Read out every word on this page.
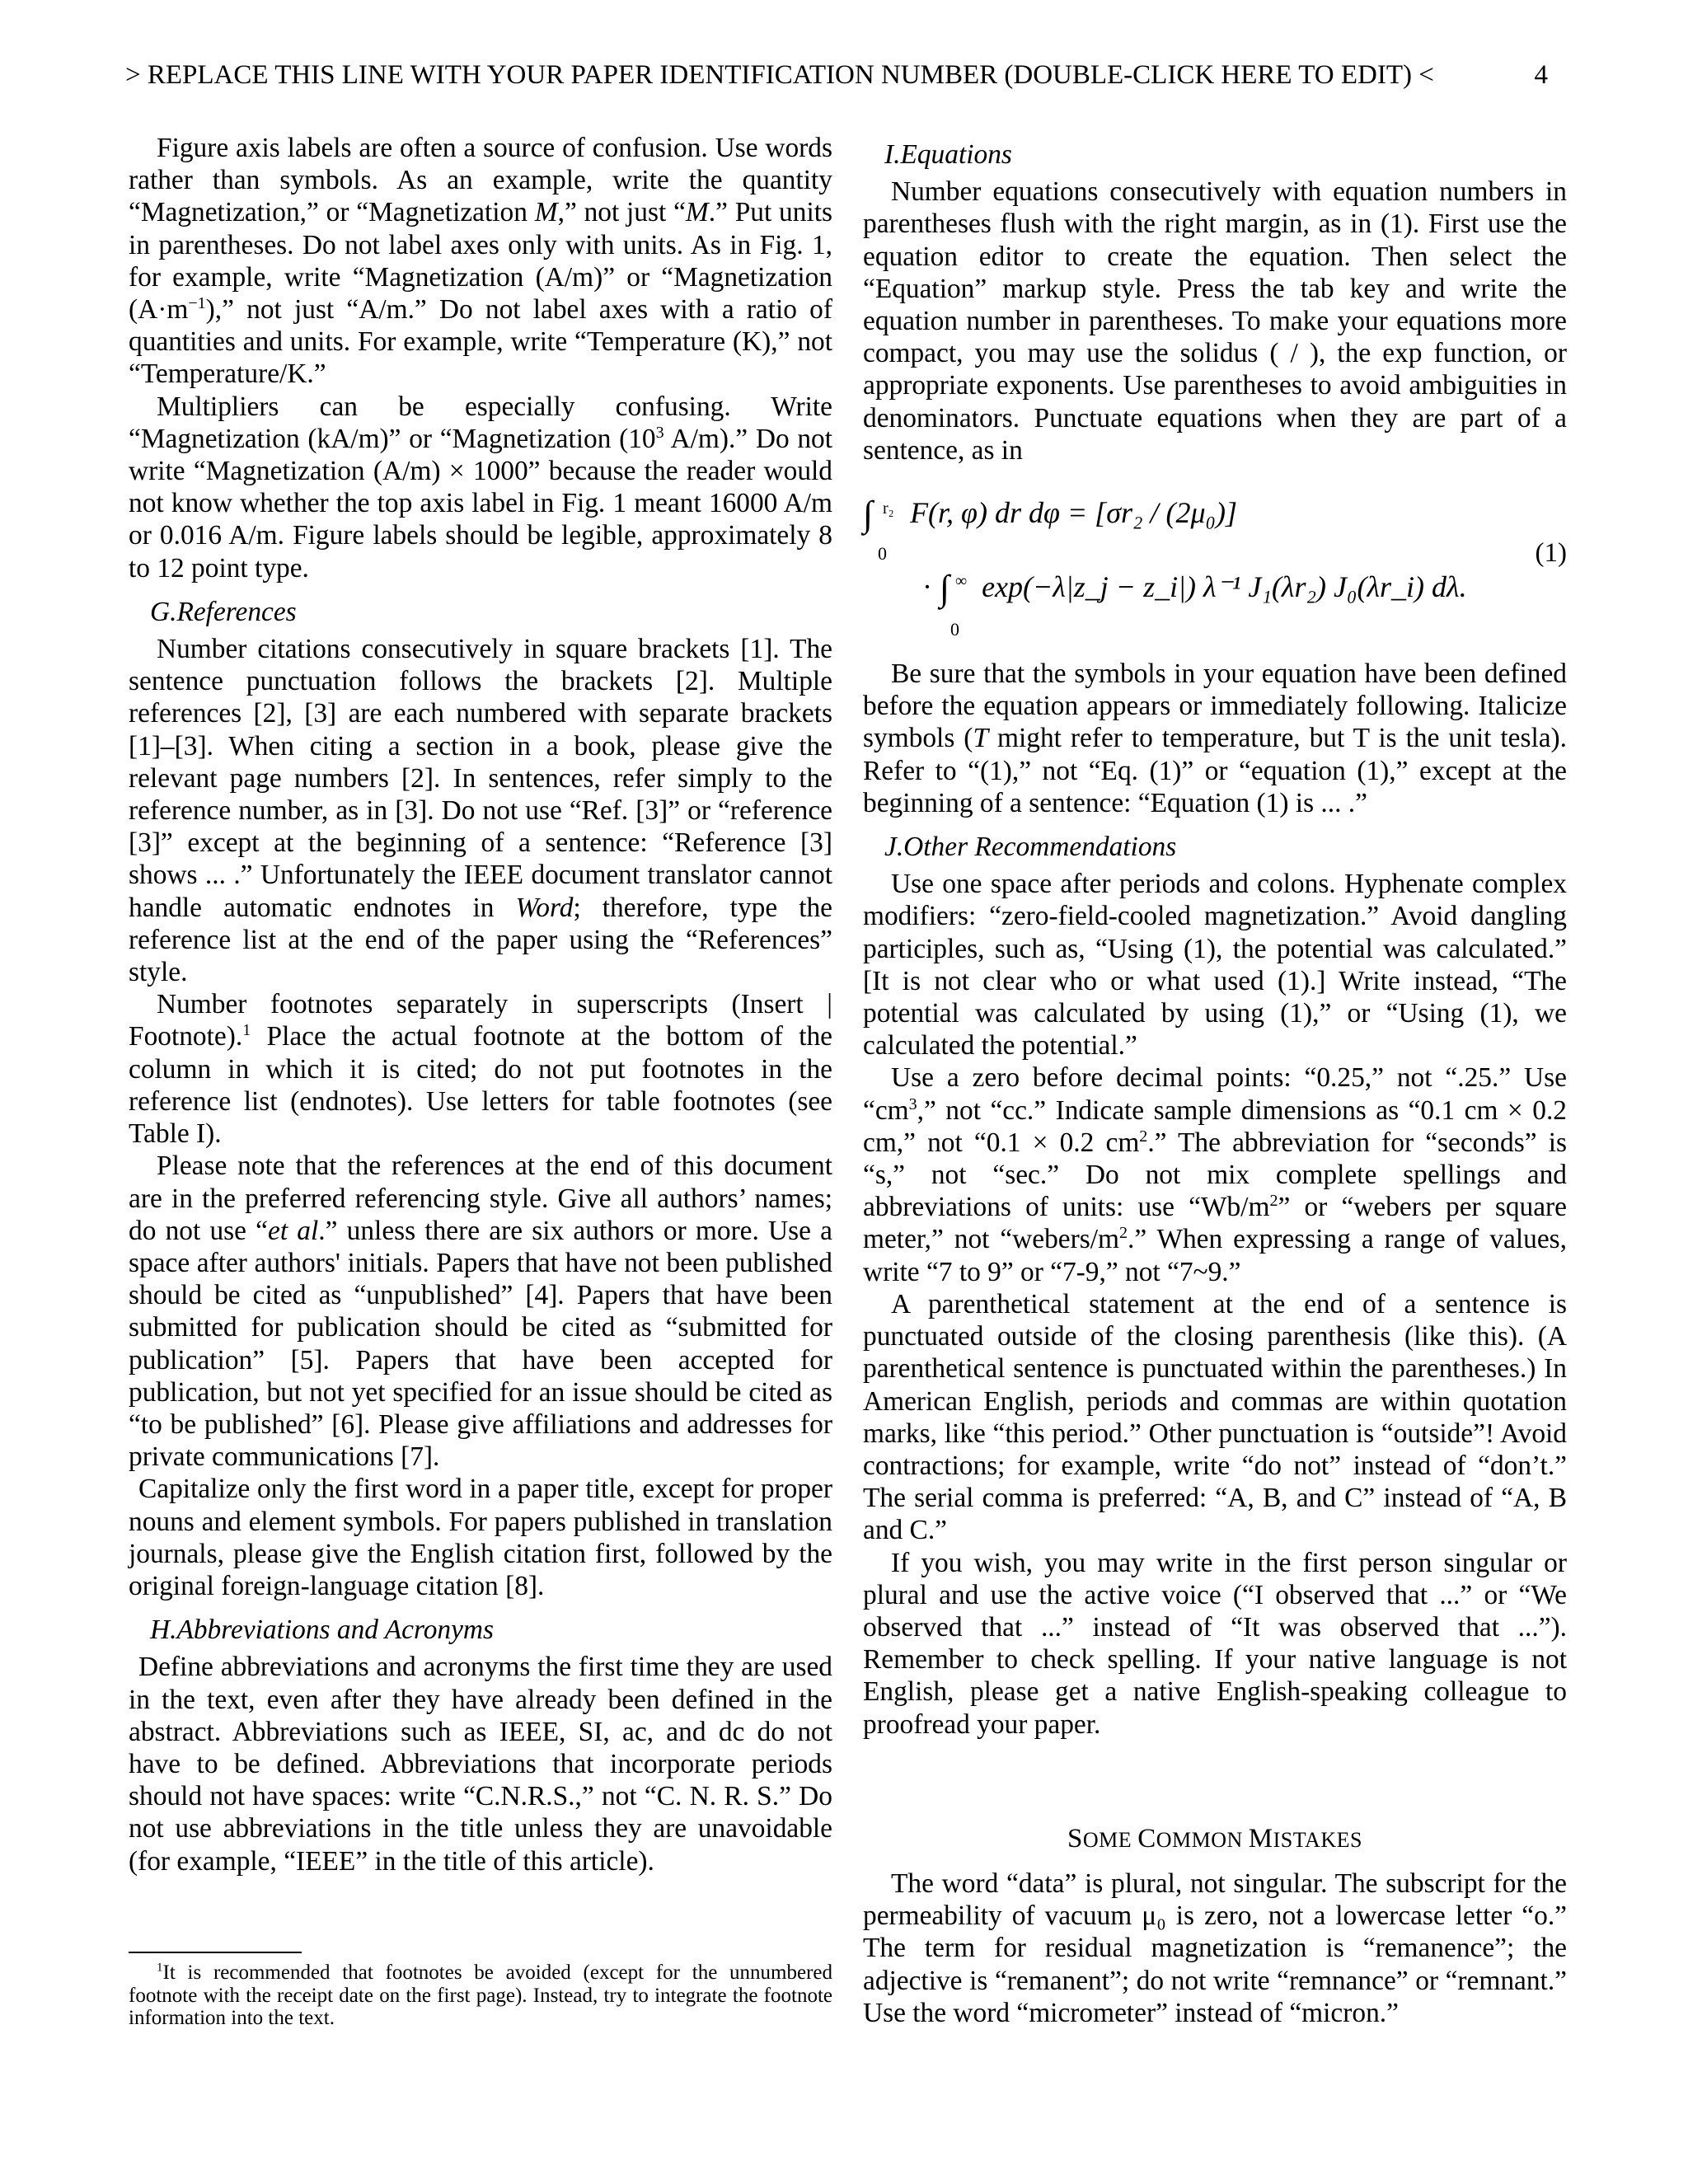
> REPLACE THIS LINE WITH YOUR PAPER IDENTIFICATION NUMBER (DOUBLE-CLICK HERE TO EDIT) <	4

Figure axis labels are often a source of confusion. Use words rather than symbols. As an example, write the quantity “Magnetization,” or “Magnetization M,” not just “M.” Put units in parentheses. Do not label axes only with units. As in Fig. 1, for example, write “Magnetization (A/m)” or “Magnetization $(A\cdot m^{-1})$,” not just “A/m.” Do not label axes with a ratio of quantities and units. For example, write “Temperature (K),” not “Temperature/K.”

Multipliers can be especially confusing. Write “Magnetization (kA/m)” or “Magnetization ($10^3$ A/m).” Do not write “Magnetization (A/m) × 1000” because the reader would not know whether the top axis label in Fig. 1 meant 16000 A/m or 0.016 A/m. Figure labels should be legible, approximately 8 to 12 point type.

G.References

Number citations consecutively in square brackets [1]. The sentence punctuation follows the brackets [2]. Multiple references [2], [3] are each numbered with separate brackets [1]–[3]. When citing a section in a book, please give the relevant page numbers [2]. In sentences, refer simply to the reference number, as in [3]. Do not use “Ref. [3]” or “reference [3]” except at the beginning of a sentence: “Reference [3] shows ... .” Unfortunately the IEEE document translator cannot handle automatic endnotes in Word; therefore, type the reference list at the end of the paper using the “References” style.

Number footnotes separately in superscripts (Insert | Footnote).$^1$ Place the actual footnote at the bottom of the column in which it is cited; do not put footnotes in the reference list (endnotes). Use letters for table footnotes (see Table I).

Please note that the references at the end of this document are in the preferred referencing style. Give all authors’ names; do not use “et al.” unless there are six authors or more. Use a space after authors' initials. Papers that have not been published should be cited as “unpublished” [4]. Papers that have been submitted for publication should be cited as “submitted for publication” [5]. Papers that have been accepted for publication, but not yet specified for an issue should be cited as “to be published” [6]. Please give affiliations and addresses for private communications [7].

Capitalize only the first word in a paper title, except for proper nouns and element symbols. For papers published in translation journals, please give the English citation first, followed by the original foreign-language citation [8].

H.Abbreviations and Acronyms

Define abbreviations and acronyms the first time they are used in the text, even after they have already been defined in the abstract. Abbreviations such as IEEE, SI, ac, and dc do not have to be defined. Abbreviations that incorporate periods should not have spaces: write “C.N.R.S.,” not “C. N. R. S.” Do not use abbreviations in the title unless they are unavoidable (for example, “IEEE” in the title of this article).

$^1$It is recommended that footnotes be avoided (except for the unnumbered footnote with the receipt date on the first page). Instead, try to integrate the footnote information into the text.
I.Equations

Number equations consecutively with equation numbers in parentheses flush with the right margin, as in (1). First use the equation editor to create the equation. Then select the “Equation” markup style. Press the tab key and write the equation number in parentheses. To make your equations more compact, you may use the solidus ( / ), the exp function, or appropriate exponents. Use parentheses to avoid ambiguities in denominators. Punctuate equations when they are part of a sentence, as in

∫ r₂
0
F(r, φ) dr dφ = [σr₂ / (2μ₀)]
· ∫ ∞
0
exp(−λ|z_j − z_i|) λ⁻¹ J₁(λr₂) J₀(λr_i) dλ.
(1)

Be sure that the symbols in your equation have been defined before the equation appears or immediately following. Italicize symbols (T might refer to temperature, but T is the unit tesla). Refer to “(1),” not “Eq. (1)” or “equation (1),” except at the beginning of a sentence: “Equation (1) is ... .”

J.Other Recommendations

Use one space after periods and colons. Hyphenate complex modifiers: “zero-field-cooled magnetization.” Avoid dangling participles, such as, “Using (1), the potential was calculated.” [It is not clear who or what used (1).] Write instead, “The potential was calculated by using (1),” or “Using (1), we calculated the potential.”

Use a zero before decimal points: “0.25,” not “.25.” Use “$cm^3$,” not “cc.” Indicate sample dimensions as “0.1 cm × 0.2 cm,” not “0.1 × 0.2 $cm^2$.” The abbreviation for “seconds” is “s,” not “sec.” Do not mix complete spellings and abbreviations of units: use “$Wb/m^2$” or “webers per square meter,” not “$webers/m^2$.” When expressing a range of values, write “7 to 9” or “7-9,” not “7~9.”

A parenthetical statement at the end of a sentence is punctuated outside of the closing parenthesis (like this). (A parenthetical sentence is punctuated within the parentheses.) In American English, periods and commas are within quotation marks, like “this period.” Other punctuation is “outside”! Avoid contractions; for example, write “do not” instead of “don’t.” The serial comma is preferred: “A, B, and C” instead of “A, B and C.”

If you wish, you may write in the first person singular or plural and use the active voice (“I observed that ...” or “We observed that ...” instead of “It was observed that ...”). Remember to check spelling. If your native language is not English, please get a native English-speaking colleague to proofread your paper.

SOME COMMON MISTAKES

The word “data” is plural, not singular. The subscript for the permeability of vacuum μ₀ is zero, not a lowercase letter “o.” The term for residual magnetization is “remanence”; the adjective is “remanent”; do not write “remnance” or “remnant.” Use the word “micrometer” instead of “micron.”
